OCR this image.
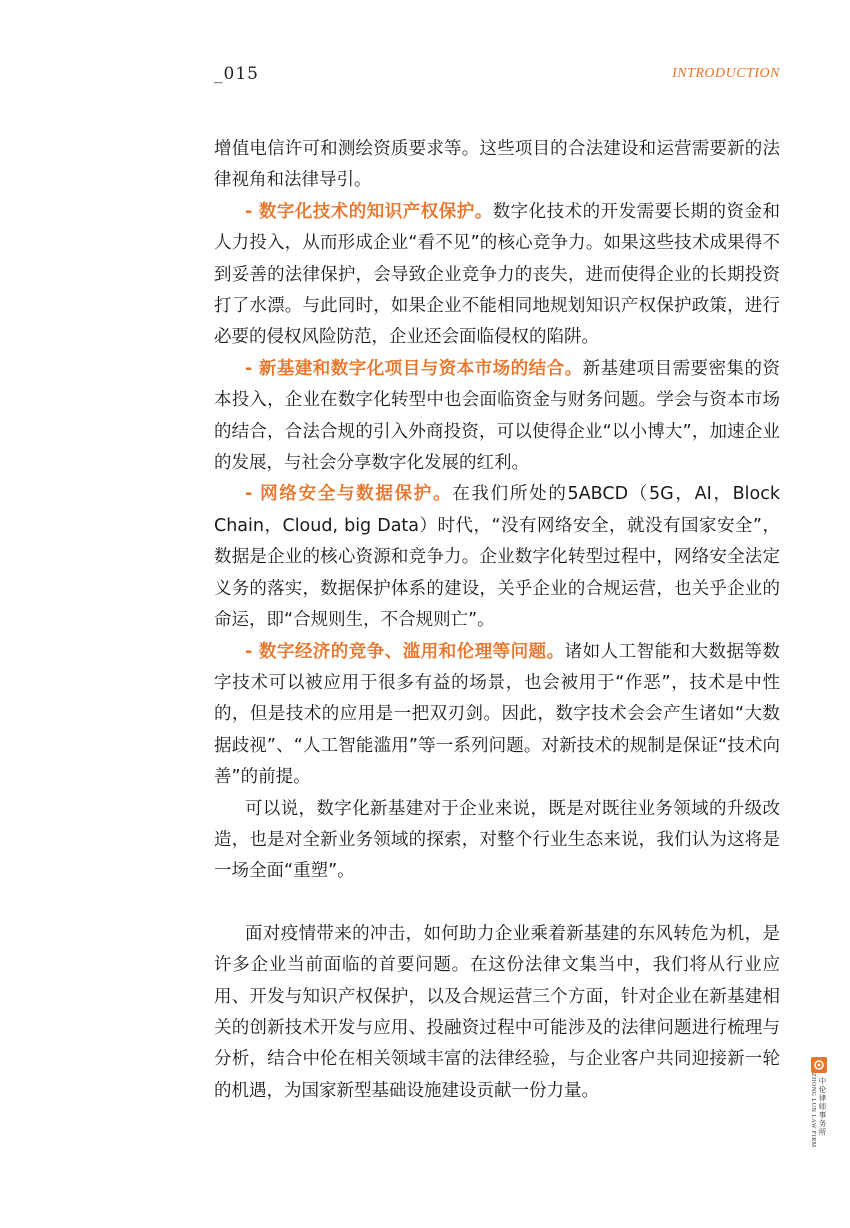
_015	INTRODUCTION

增值电信许可和测绘资质要求等。这些项目的合法建设和运营需要新的法律视角和法律导引。

- 数字化技术的知识产权保护。数字化技术的开发需要长期的资金和人力投入，从而形成企业“看不见”的核心竞争力。如果这些技术成果得不到妥善的法律保护，会导致企业竞争力的丧失，进而使得企业的长期投资打了水漂。与此同时，如果企业不能相同地规划知识产权保护政策，进行必要的侵权风险防范，企业还会面临侵权的陷阱。

- 新基建和数字化项目与资本市场的结合。新基建项目需要密集的资本投入，企业在数字化转型中也会面临资金与财务问题。学会与资本市场的结合，合法合规的引入外商投资，可以使得企业“以小博大”，加速企业的发展，与社会分享数字化发展的红利。

- 网络安全与数据保护。在我们所处的5ABCD（5G，AI，Block Chain，Cloud, big Data）时代，“没有网络安全，就没有国家安全”，数据是企业的核心资源和竞争力。企业数字化转型过程中，网络安全法定义务的落实，数据保护体系的建设，关乎企业的合规运营，也关乎企业的命运，即“合规则生，不合规则亡”。

- 数字经济的竞争、滥用和伦理等问题。诸如人工智能和大数据等数字技术可以被应用于很多有益的场景，也会被用于“作恶”，技术是中性的，但是技术的应用是一把双刃剑。因此，数字技术会会产生诸如“大数据歧视”、“人工智能滥用”等一系列问题。对新技术的规制是保证“技术向善”的前提。

可以说，数字化新基建对于企业来说，既是对既往业务领域的升级改造，也是对全新业务领域的探索，对整个行业生态来说，我们认为这将是一场全面“重塑”。

面对疫情带来的冲击，如何助力企业乘着新基建的东风转危为机，是许多企业当前面临的首要问题。在这份法律文集当中，我们将从行业应用、开发与知识产权保护，以及合规运营三个方面，针对企业在新基建相关的创新技术开发与应用、投融资过程中可能涉及的法律问题进行梳理与分析，结合中伦在相关领域丰富的法律经验，与企业客户共同迎接新一轮的机遇，为国家新型基础设施建设贡献一份力量。	中伦律师事务所
ZHONG LUN LAW FIRM
